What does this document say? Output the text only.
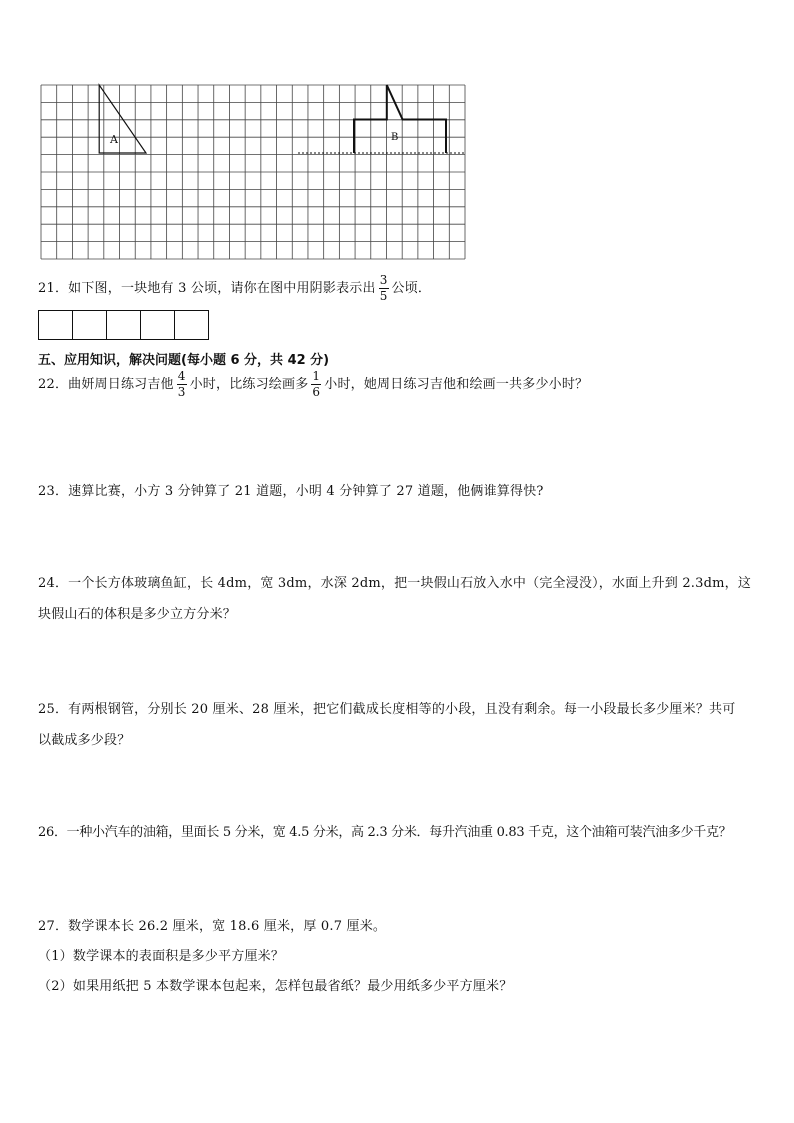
A	B
21．如下图，一块地有 3 公顷，请你在图中用阴影表示出 $\frac{3}{5}$ 公顷．
五、应用知识，解决问题(每小题 6 分，共 42 分)
22．曲妍周日练习吉他 $\frac{4}{3}$ 小时，比练习绘画多 $\frac{1}{6}$ 小时，她周日练习吉他和绘画一共多少小时？
23．速算比赛，小方 3 分钟算了 21 道题，小明 4 分钟算了 27 道题，他俩谁算得快?
24．一个长方体玻璃鱼缸，长 4dm，宽 3dm，水深 2dm，把一块假山石放入水中（完全浸没），水面上升到 2.3dm，这
块假山石的体积是多少立方分米？
25．有两根钢管，分别长 20 厘米、28 厘米，把它们截成长度相等的小段，且没有剩余。每一小段最长多少厘米？共可
以截成多少段？
26．一种小汽车的油箱，里面长 5 分米，宽 4.5 分米，高 2.3 分米．每升汽油重 0.83 千克，这个油箱可装汽油多少千克？
27．数学课本长 26.2 厘米，宽 18.6 厘米，厚 0.7 厘米。
（1）数学课本的表面积是多少平方厘米？
（2）如果用纸把 5 本数学课本包起来，怎样包最省纸？最少用纸多少平方厘米？
